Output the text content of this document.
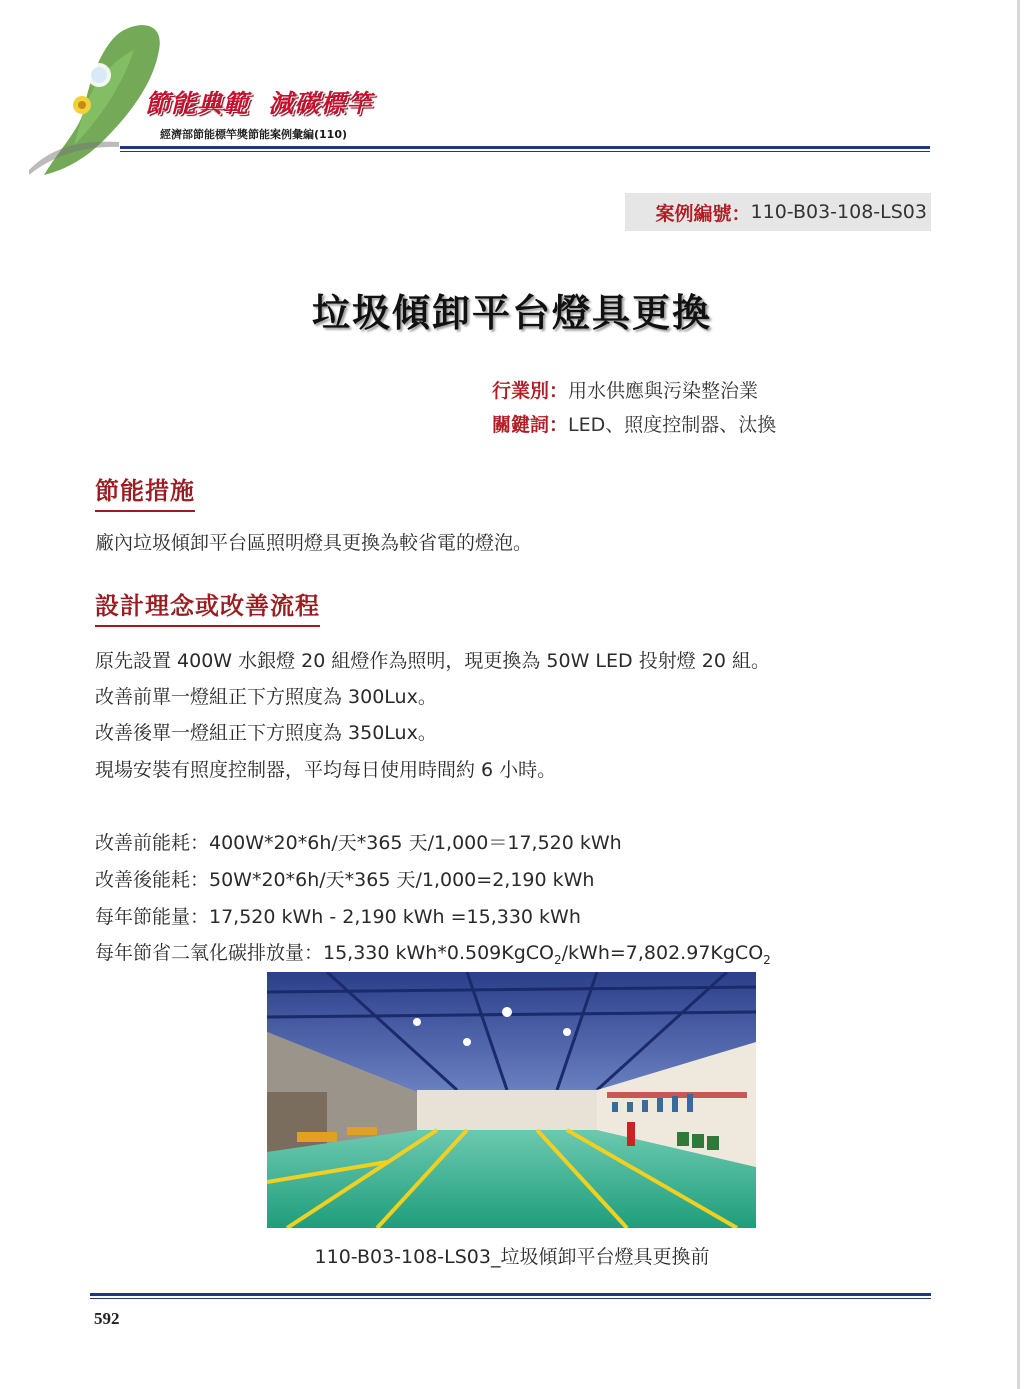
節能典範  減碳標竿
經濟部節能標竿獎節能案例彙編(110)
案例編號： 110-B03-108-LS03
垃圾傾卸平台燈具更換
行業別：用水供應與污染整治業
關鍵詞：LED、照度控制器、汰換
節能措施
廠內垃圾傾卸平台區照明燈具更換為較省電的燈泡。
設計理念或改善流程
原先設置 400W 水銀燈 20 組燈作為照明，現更換為 50W LED 投射燈 20 組。
改善前單一燈組正下方照度為 300Lux。
改善後單一燈組正下方照度為 350Lux。
現場安裝有照度控制器，平均每日使用時間約 6 小時。
改善前能耗：400W*20*6h/天*365 天/1,000＝17,520 kWh
改善後能耗：50W*20*6h/天*365 天/1,000=2,190 kWh
每年節能量：17,520 kWh - 2,190 kWh =15,330 kWh
每年節省二氧化碳排放量：15,330 kWh*0.509KgCO$_2$/kWh=7,802.97KgCO$_2$
110-B03-108-LS03_垃圾傾卸平台燈具更換前
592
